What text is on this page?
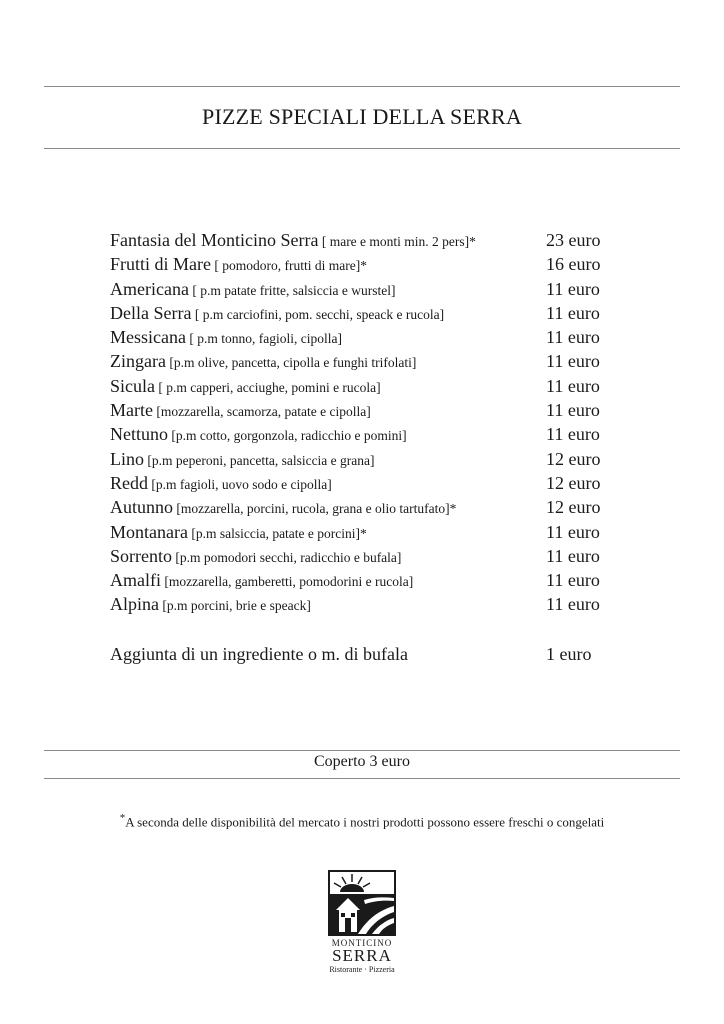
PIZZE SPECIALI DELLA SERRA
Fantasia del Monticino Serra [ mare e monti min. 2 pers]*	23 euro
Frutti di Mare [ pomodoro, frutti di mare]*	16 euro
Americana [ p.m patate fritte, salsiccia e wurstel]	11 euro
Della Serra [ p.m carciofini, pom. secchi, speack e rucola]	11 euro
Messicana [ p.m tonno, fagioli, cipolla]	11 euro
Zingara [p.m olive, pancetta, cipolla e funghi trifolati]	11 euro
Sicula [ p.m capperi, acciughe, pomini e rucola]	11 euro
Marte [mozzarella, scamorza, patate e cipolla]	11 euro
Nettuno [p.m cotto, gorgonzola, radicchio e pomini]	11 euro
Lino [p.m peperoni, pancetta, salsiccia e grana]	12 euro
Redd [p.m fagioli, uovo sodo e cipolla]	12 euro
Autunno [mozzarella, porcini, rucola, grana e olio tartufato]*	12 euro
Montanara [p.m salsiccia, patate e porcini]*	11 euro
Sorrento [p.m pomodori secchi, radicchio e bufala]	11 euro
Amalfi [mozzarella, gamberetti, pomodorini e rucola]	11 euro
Alpina [p.m porcini, brie e speack]	11 euro
Aggiunta di un ingrediente o m. di bufala	1 euro
Coperto 3 euro
*A seconda delle disponibilità del mercato i nostri prodotti possono essere freschi o congelati
MONTICINO
SERRA
Ristorante · Pizzeria
